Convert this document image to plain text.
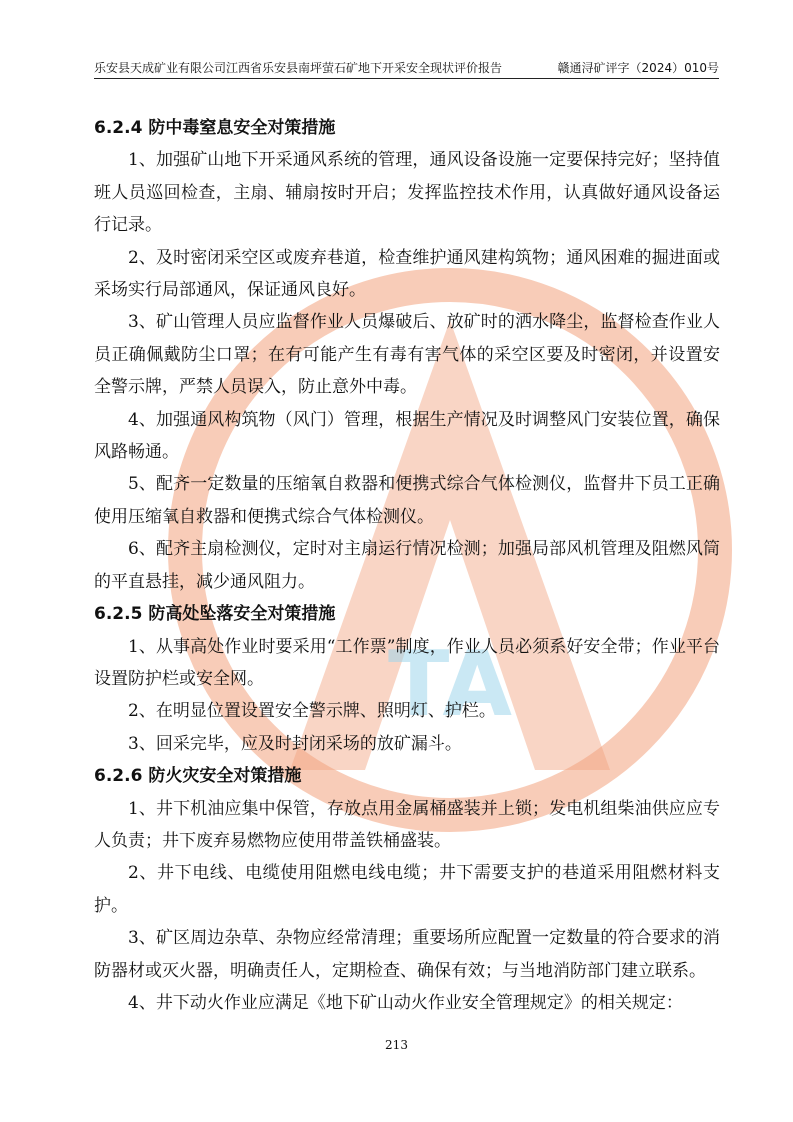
TA
乐安县天成矿业有限公司江西省乐安县南坪萤石矿地下开采安全现状评价报告	赣通浔矿评字（2024）010号
6.2.4 防中毒窒息安全对策措施

1、加强矿山地下开采通风系统的管理，通风设备设施一定要保持完好；坚持值班人员巡回检查，主扇、辅扇按时开启；发挥监控技术作用，认真做好通风设备运行记录。

2、及时密闭采空区或废弃巷道，检查维护通风建构筑物；通风困难的掘进面或采场实行局部通风，保证通风良好。

3、矿山管理人员应监督作业人员爆破后、放矿时的洒水降尘，监督检查作业人员正确佩戴防尘口罩；在有可能产生有毒有害气体的采空区要及时密闭，并设置安全警示牌，严禁人员误入，防止意外中毒。

4、加强通风构筑物（风门）管理，根据生产情况及时调整风门安装位置，确保风路畅通。

5、配齐一定数量的压缩氧自救器和便携式综合气体检测仪，监督井下员工正确使用压缩氧自救器和便携式综合气体检测仪。

6、配齐主扇检测仪，定时对主扇运行情况检测；加强局部风机管理及阻燃风筒的平直悬挂，减少通风阻力。

6.2.5 防高处坠落安全对策措施

1、从事高处作业时要采用“工作票”制度，作业人员必须系好安全带；作业平台设置防护栏或安全网。

2、在明显位置设置安全警示牌、照明灯、护栏。

3、回采完毕，应及时封闭采场的放矿漏斗。

6.2.6 防火灾安全对策措施

1、井下机油应集中保管，存放点用金属桶盛装并上锁；发电机组柴油供应应专人负责；井下废弃易燃物应使用带盖铁桶盛装。

2、井下电线、电缆使用阻燃电线电缆；井下需要支护的巷道采用阻燃材料支护。

3、矿区周边杂草、杂物应经常清理；重要场所应配置一定数量的符合要求的消防器材或灭火器，明确责任人，定期检查、确保有效；与当地消防部门建立联系。

4、井下动火作业应满足《地下矿山动火作业安全管理规定》的相关规定：

213
